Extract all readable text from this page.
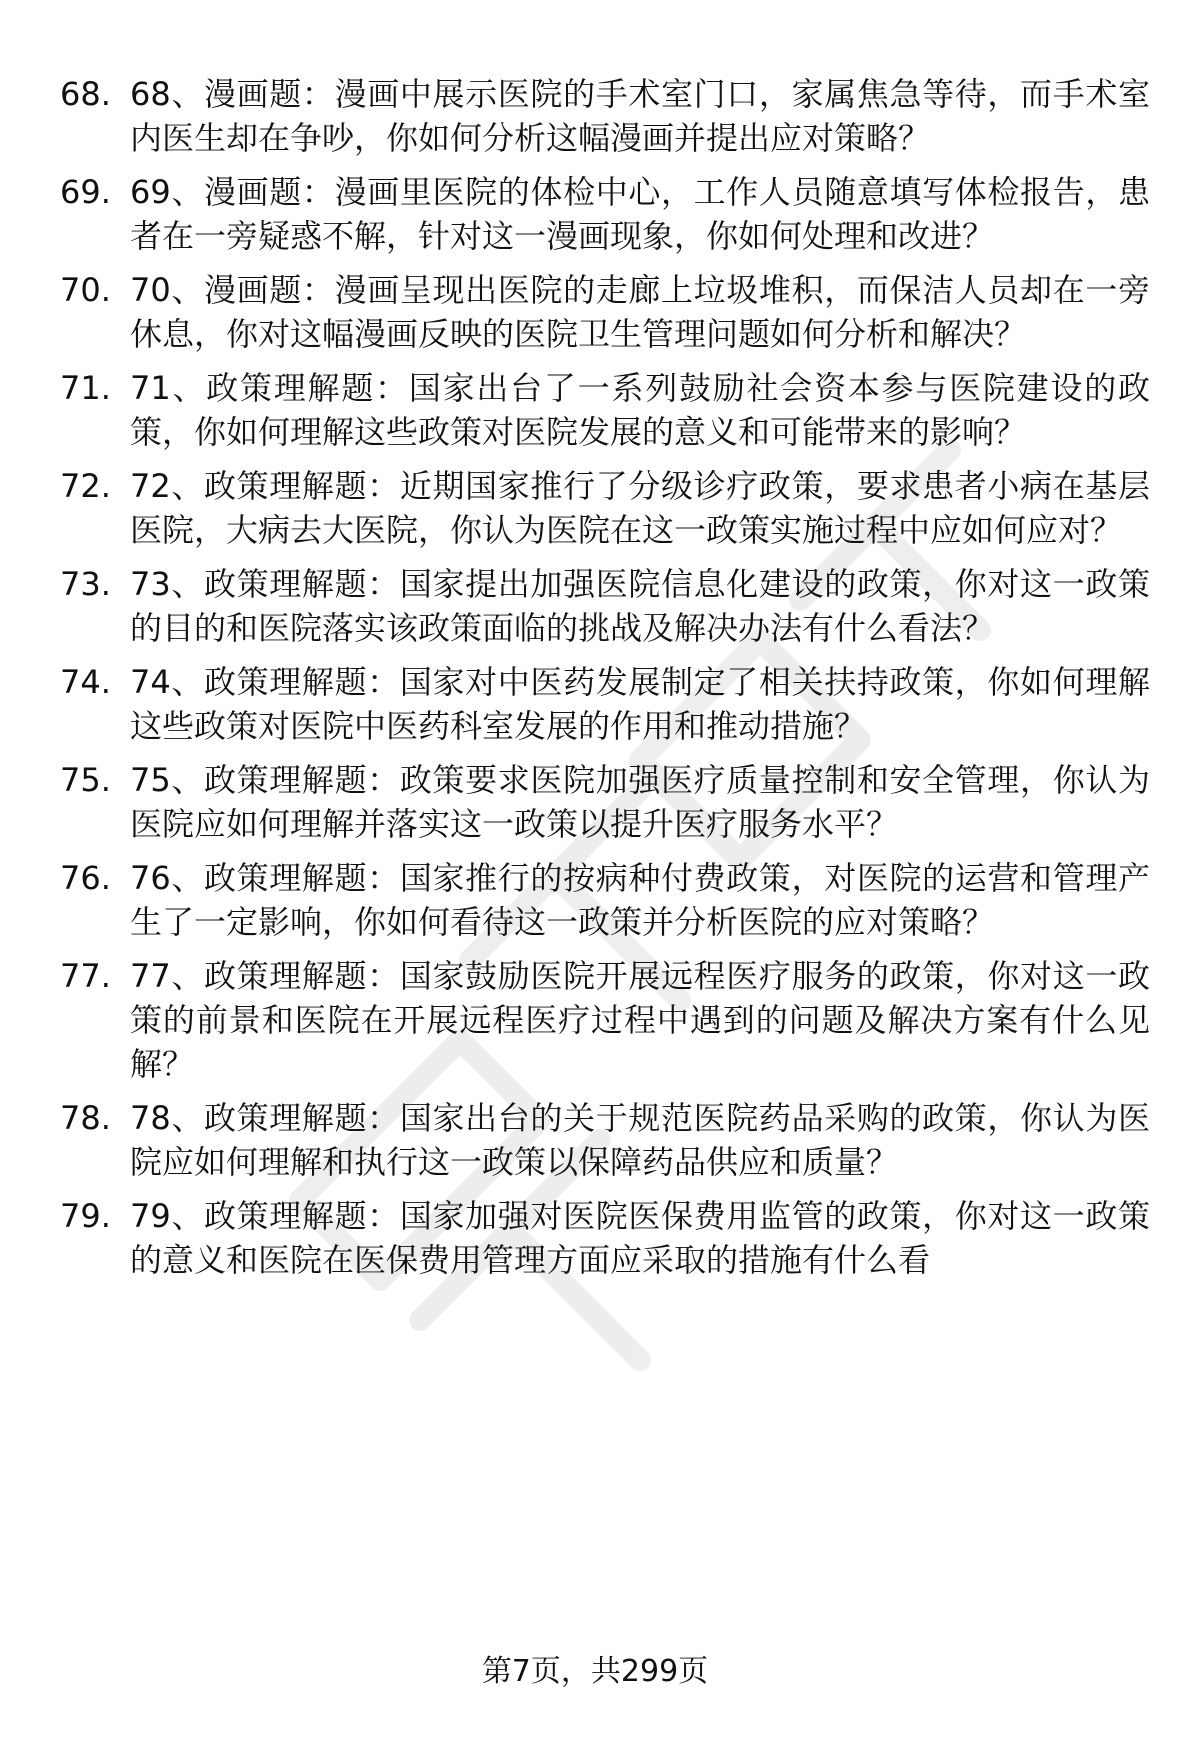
68. 68、漫画题：漫画中展示医院的手术室门口，家属焦急等待，而手术室内医生却在争吵，你如何分析这幅漫画并提出应对策略？
69. 69、漫画题：漫画里医院的体检中心，工作人员随意填写体检报告，患者在一旁疑惑不解，针对这一漫画现象，你如何处理和改进？
70. 70、漫画题：漫画呈现出医院的走廊上垃圾堆积，而保洁人员却在一旁休息，你对这幅漫画反映的医院卫生管理问题如何分析和解决？
71. 71、政策理解题：国家出台了一系列鼓励社会资本参与医院建设的政策，你如何理解这些政策对医院发展的意义和可能带来的影响？
72. 72、政策理解题：近期国家推行了分级诊疗政策，要求患者小病在基层医院，大病去大医院，你认为医院在这一政策实施过程中应如何应对？
73. 73、政策理解题：国家提出加强医院信息化建设的政策，你对这一政策的目的和医院落实该政策面临的挑战及解决办法有什么看法？
74. 74、政策理解题：国家对中医药发展制定了相关扶持政策，你如何理解这些政策对医院中医药科室发展的作用和推动措施？
75. 75、政策理解题：政策要求医院加强医疗质量控制和安全管理，你认为医院应如何理解并落实这一政策以提升医疗服务水平？
76. 76、政策理解题：国家推行的按病种付费政策，对医院的运营和管理产生了一定影响，你如何看待这一政策并分析医院的应对策略？
77. 77、政策理解题：国家鼓励医院开展远程医疗服务的政策，你对这一政策的前景和医院在开展远程医疗过程中遇到的问题及解决方案有什么见解？
78. 78、政策理解题：国家出台的关于规范医院药品采购的政策，你认为医院应如何理解和执行这一政策以保障药品供应和质量？
79. 79、政策理解题：国家加强对医院医保费用监管的政策，你对这一政策的意义和医院在医保费用管理方面应采取的措施有什么看
第7页，共299页
